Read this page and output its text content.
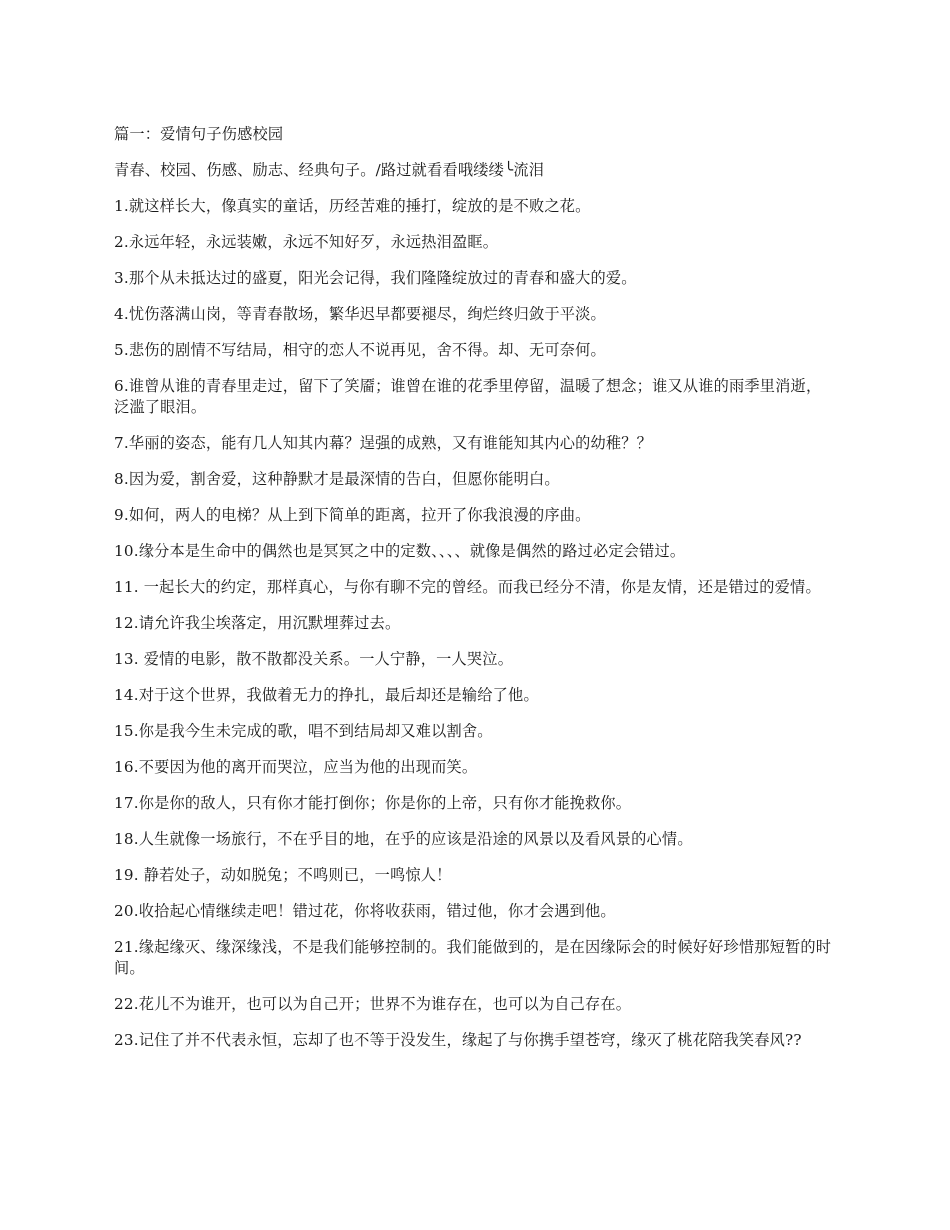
篇一：爱情句子伤感校园

青春、校园、伤感、励志、经典句子。/路过就看看哦缕缕╰流泪

1.就这样长大，像真实的童话，历经苦难的捶打，绽放的是不败之花。

2.永远年轻，永远装嫩，永远不知好歹，永远热泪盈眶。

3.那个从未抵达过的盛夏，阳光会记得，我们隆隆绽放过的青春和盛大的爱。

4.忧伤落满山岗，等青春散场，繁华迟早都要褪尽，绚烂终归敛于平淡。

5.悲伤的剧情不写结局，相守的恋人不说再见，舍不得。却、无可奈何。

6.谁曾从谁的青春里走过，留下了笑靥；谁曾在谁的花季里停留，温暖了想念；谁又从谁的雨季里消逝，泛滥了眼泪。

7.华丽的姿态，能有几人知其内幕？逞强的成熟，又有谁能知其内心的幼稚？？

8.因为爱，割舍爱，这种静默才是最深情的告白，但愿你能明白。

9.如何，两人的电梯？从上到下简单的距离，拉开了你我浪漫的序曲。

10.缘分本是生命中的偶然也是冥冥之中的定数、、、、就像是偶然的路过必定会错过。

11. 一起长大的约定，那样真心，与你有聊不完的曾经。而我已经分不清，你是友情，还是错过的爱情。

12.请允许我尘埃落定，用沉默埋葬过去。

13. 爱情的电影，散不散都没关系。一人宁静，一人哭泣。

14.对于这个世界，我做着无力的挣扎，最后却还是输给了他。

15.你是我今生未完成的歌，唱不到结局却又难以割舍。

16.不要因为他的离开而哭泣，应当为他的出现而笑。

17.你是你的敌人，只有你才能打倒你；你是你的上帝，只有你才能挽救你。

18.人生就像一场旅行，不在乎目的地，在乎的应该是沿途的风景以及看风景的心情。

19. 静若处子，动如脱兔；不鸣则已，一鸣惊人！

20.收拾起心情继续走吧！错过花，你将收获雨，错过他，你才会遇到他。

21.缘起缘灭、缘深缘浅，不是我们能够控制的。我们能做到的，是在因缘际会的时候好好珍惜那短暂的时间。

22.花儿不为谁开，也可以为自己开；世界不为谁存在，也可以为自己存在。

23.记住了并不代表永恒，忘却了也不等于没发生，缘起了与你携手望苍穹，缘灭了桃花陪我笑春风??
